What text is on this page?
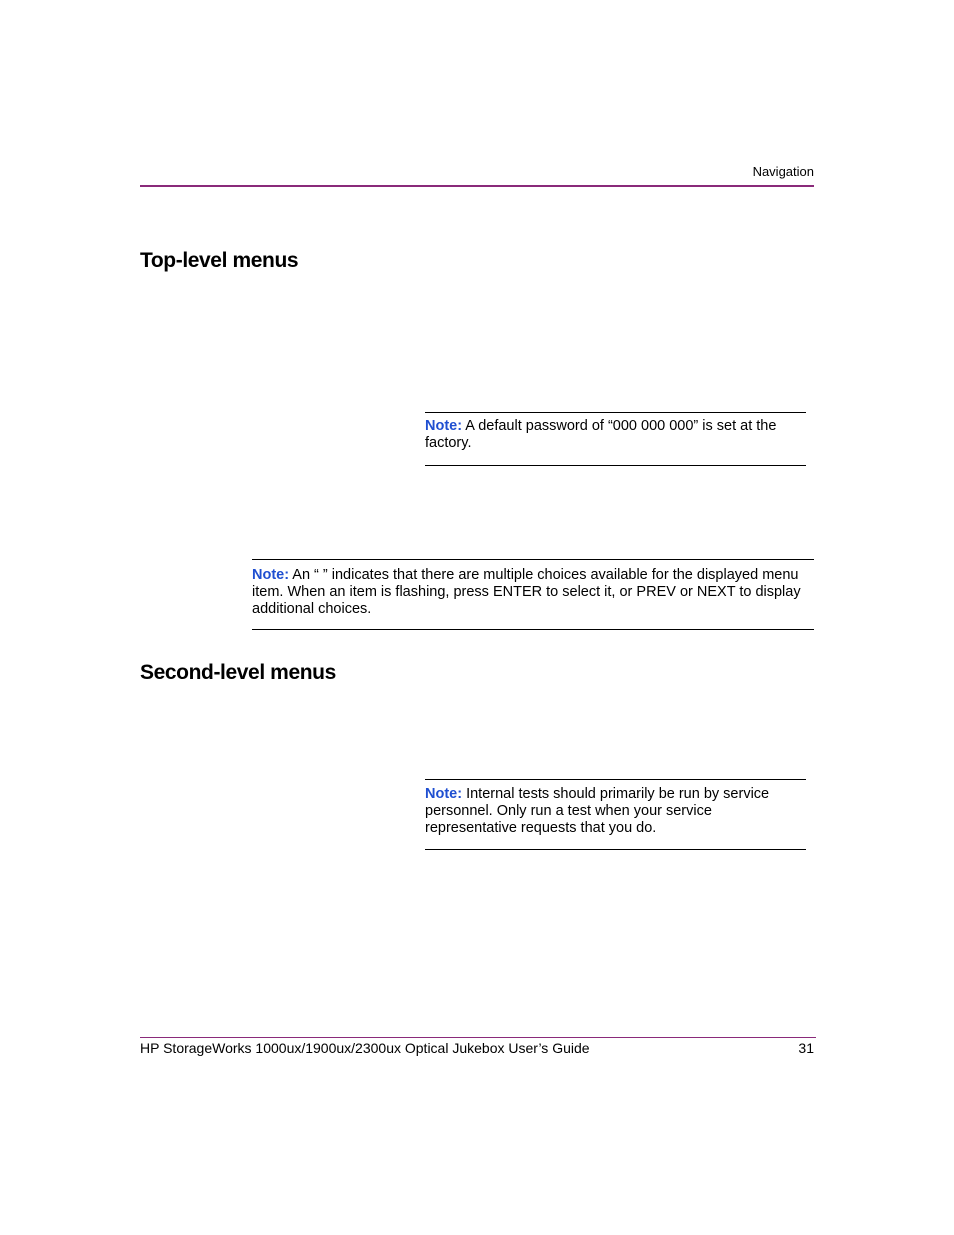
Navigation
Top-level menus
Note: A default password of “000 000 000” is set at the factory.
Note: An “ ” indicates that there are multiple choices available for the displayed menu item. When an item is flashing, press ENTER to select it, or PREV or NEXT to display additional choices.
Second-level menus
Note: Internal tests should primarily be run by service personnel. Only run a test when your service representative requests that you do.
HP StorageWorks 1000ux/1900ux/2300ux Optical Jukebox User’s Guide	31
